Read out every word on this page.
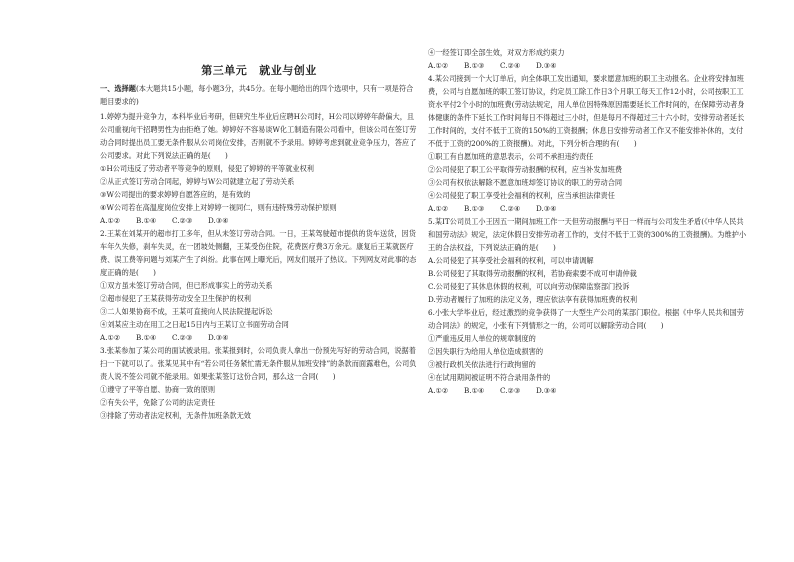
第三单元 就业与创业
一、选择题(本大题共15小题，每小题3分，共45分。在每小题给出的四个选项中，只有一项是符合题目要求的)

1.婷婷为提升竞争力，本科毕业后考研，但研究生毕业后应聘H公司时，H公司以婷婷年龄偏大，且公司重视向干招聘男性为由拒绝了她。婷婷好不容易谈W化工制造有限公司看中，但该公司在签订劳动合同时提出员工要无条件服从公司岗位安排，否则就不予录用。婷婷考虑到就业竞争压力，答应了公司要求。对此下列说法正确的是(　　)

①H公司违反了劳动者平等竞争的原则，侵犯了婷婷的平等就业权利

②从正式签订劳动合同起，婷婷与W公司就建立起了劳动关系

③W公司提出的要求婷婷自愿答应的，是有效的

④W公司若在高温度岗位安排上对婷婷一视同仁，则有违特殊劳动保护原则

A.①②	B.①④	C.②③	D.③④

2.王某在刘某开的超市打工多年，但从未签订劳动合同。一日，王某驾驶超市提供的货车送货，因货车年久失修，刹车失灵，在一团坡处侧翻，王某受伤住院，花费医疗费3万余元。康复后王某就医疗费、误工费等问题与刘某产生了纠纷。此事在网上曝光后，网友们展开了热议。下列网友对此事的态度正确的是(　　)

①双方虽未签订劳动合同，但已形成事实上的劳动关系

②超市侵犯了王某获得劳动安全卫生保护的权利

③二人如果协商不成，王某可直接向人民法院提起诉讼

④刘某应主动在用工之日起15日内与王某订立书面劳动合同

A.①②	B.①④	C.②③	D.③④

3.张某参加了某公司的面试被录用。张某报到时，公司负责人拿出一份预先写好的劳动合同，说据着扫一下就可以了。张某见其中有“若公司任务紧忙需无条件服从加班安排”的条款而面露难色，公司负责人说不签公司就不能录用。如果张某签订这份合同，那么这一合同(　　)

①遵守了平等自愿、协商一致的原则

②有失公平，免除了公司的法定责任

③排除了劳动者法定权利，无条件加班条款无效

④一经签订即全部生效，对双方形成约束力

A.①②	B.①③	C.②④	D.③④

4.某公司接到一个大订单后，向全体职工发出通知，要求愿意加班的职工主动报名。企业将安排加班费，公司与自愿加班的职工签订协议，约定员工除工作日3个月职工每天工作12小时，公司按职工工资水平付2个小时的加班费(劳动法规定，用人单位因特殊原因需要延长工作时间的，在保障劳动者身体健康的条件下延长工作时间每日不得超过三小时，但是每月不得超过三十六小时，安排劳动者延长工作时间的，支付不低于工资的150%的工资报酬；休息日安排劳动者工作又不能安排补休的，支付不低于工资的200%的工资报酬)。对此，下列分析合理的有(　　)

①职工有自愿加班的意思表示，公司不承担违约责任

②公司侵犯了职工公平取得劳动报酬的权利，应当补发加班费

③公司有权依法解除不愿意加班却签订协议的职工的劳动合同

④公司侵犯了职工享受社会福利的权利，应当承担法律责任

A.①②	B.①③	C.②④	D.③④

5.某IT公司员工小王因五一期间加班工作一天但劳动报酬与平日一样而与公司发生矛盾(《中华人民共和国劳动法》规定，法定休假日安排劳动者工作的，支付不低于工资的300%的工资报酬)。为维护小王的合法权益，下列说法正确的是(　　)

A.公司侵犯了其享受社会福利的权利，可以申请调解

B.公司侵犯了其取得劳动报酬的权利，若协商索要不成可申请仲裁

C.公司侵犯了其休息休假的权利，可以向劳动保障监察部门投诉

D.劳动者履行了加班的法定义务，理应依法享有获得加班费的权利

6.小张大学毕业后，经过激烈的竞争获得了一大型生产公司的某部门职位。根据《中华人民共和国劳动合同法》的规定，小张有下列情形之一的，公司可以解除劳动合同(　　)

①严重违反用人单位的规章制度的

②因失职行为给用人单位造成损害的

③被行政机关依法进行行政拘留的

④在试用期间被证明不符合录用条件的

A.①②	B.①④	C.②③	D.③④
